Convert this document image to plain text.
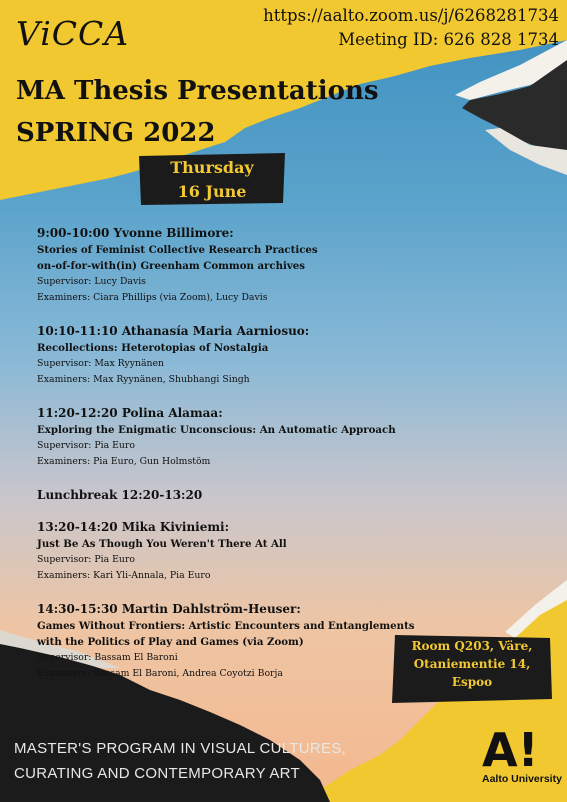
ViCCA	https://aalto.zoom.us/j/6268281734
Meeting ID: 626 828 1734
MA Thesis Presentations
SPRING 2022
Thursday
16 June
9:00-10:00 Yvonne Billimore:
Stories of Feminist Collective Research Practices
on-of-for-with(in) Greenham Common archives
Supervisor: Lucy Davis
Examiners: Ciara Phillips (via Zoom), Lucy Davis
10:10-11:10 Athanasía Maria Aarniosuo:
Recollections: Heterotopias of Nostalgia
Supervisor: Max Ryynänen
Examiners: Max Ryynänen, Shubhangi Singh
11:20-12:20 Polina Alamaa:
Exploring the Enigmatic Unconscious: An Automatic Approach
Supervisor: Pia Euro
Examiners: Pia Euro, Gun Holmstöm
Lunchbreak 12:20-13:20
13:20-14:20 Mika Kiviniemi:
Just Be As Though You Weren't There At All
Supervisor: Pia Euro
Examiners: Kari Yli-Annala, Pia Euro
14:30-15:30 Martin Dahlström-Heuser:
Games Without Frontiers: Artistic Encounters and Entanglements
with the Politics of Play and Games (via Zoom)
Supervisor: Bassam El Baroni
Examiners: Bassam El Baroni, Andrea Coyotzi Borja
Room Q203, Väre,
Otaniementie 14,
Espoo
MASTER'S PROGRAM IN VISUAL CULTURES,
CURATING AND CONTEMPORARY ART	A!
Aalto University
